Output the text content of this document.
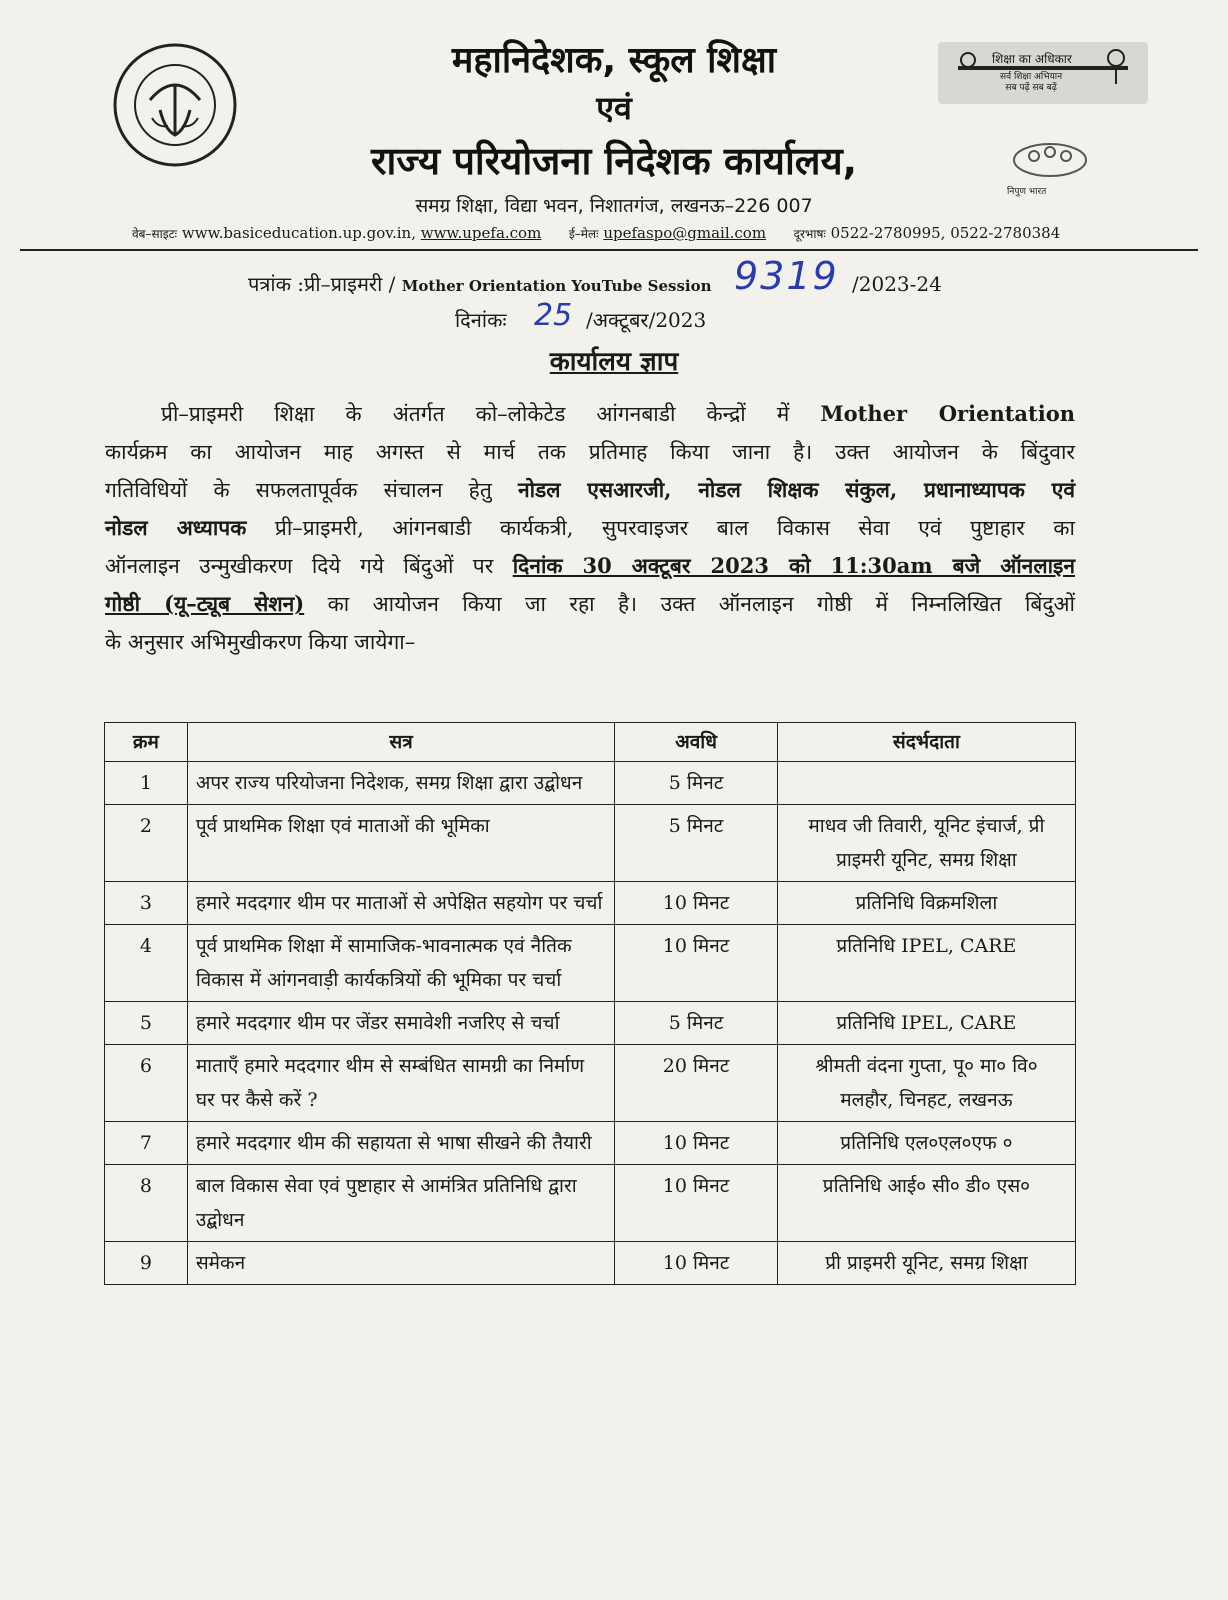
महानिदेशक, स्कूल शिक्षा
एवं
राज्य परियोजना निदेशक कार्यालय,
समग्र शिक्षा, विद्या भवन, निशातगंज, लखनऊ–226 007
वेब–साइटः www.basiceducation.up.gov.in, www.upefa.com ई–मेलः upefaspo@gmail.com दूरभाषः 0522-2780995, 0522-2780384
शिक्षा का अधिकार
सर्व शिक्षा अभियान
सब पढ़ें सब बढ़ें
निपुण भारत
पत्रांक :प्री–प्राइमरी / Mother Orientation YouTube Session 9319 /2023-24
दिनांकः 25 /अक्टूबर/2023
कार्यालय ज्ञाप
प्री–प्राइमरी शिक्षा के अंतर्गत को–लोकेटेड आंगनबाडी केन्द्रों में Mother Orientation
कार्यक्रम का आयोजन माह अगस्त से मार्च तक प्रतिमाह किया जाना है। उक्त आयोजन के बिंदुवार
गतिविधियों के सफलतापूर्वक संचालन हेतु नोडल एसआरजी, नोडल शिक्षक संकुल, प्रधानाध्यापक एवं
नोडल अध्यापक प्री–प्राइमरी, आंगनबाडी कार्यकत्री, सुपरवाइजर बाल विकास सेवा एवं पुष्टाहार का
ऑनलाइन उन्मुखीकरण दिये गये बिंदुओं पर दिनांक 30 अक्टूबर 2023 को 11:30am बजे ऑनलाइन
गोष्ठी (यू–ट्यूब सेशन) का आयोजन किया जा रहा है। उक्त ऑनलाइन गोष्ठी में निम्नलिखित बिंदुओं
के अनुसार अभिमुखीकरण किया जायेगा–
क्रम	सत्र	अवधि	संदर्भदाता
1	अपर राज्य परियोजना निदेशक, समग्र शिक्षा द्वारा उद्बोधन	5 मिनट	
2	पूर्व प्राथमिक शिक्षा एवं माताओं की भूमिका	5 मिनट	माधव जी तिवारी, यूनिट इंचार्ज, प्री प्राइमरी यूनिट, समग्र शिक्षा
3	हमारे मददगार थीम पर माताओं से अपेक्षित सहयोग पर चर्चा	10 मिनट	प्रतिनिधि विक्रमशिला
4	पूर्व प्राथमिक शिक्षा में सामाजिक-भावनात्मक एवं नैतिक विकास में आंगनवाड़ी कार्यकत्रियों की भूमिका पर चर्चा	10 मिनट	प्रतिनिधि IPEL, CARE
5	हमारे मददगार थीम पर जेंडर समावेशी नजरिए से चर्चा	5 मिनट	प्रतिनिधि IPEL, CARE
6	माताएँ हमारे मददगार थीम से सम्बंधित सामग्री का निर्माण घर पर कैसे करें ?	20 मिनट	श्रीमती वंदना गुप्ता, पू० मा० वि० मलहौर, चिनहट, लखनऊ
7	हमारे मददगार थीम की सहायता से भाषा सीखने की तैयारी	10 मिनट	प्रतिनिधि एल०एल०एफ ०
8	बाल विकास सेवा एवं पुष्टाहार से आमंत्रित प्रतिनिधि द्वारा उद्बोधन	10 मिनट	प्रतिनिधि आई० सी० डी० एस०
9	समेकन	10 मिनट	प्री प्राइमरी यूनिट, समग्र शिक्षा
